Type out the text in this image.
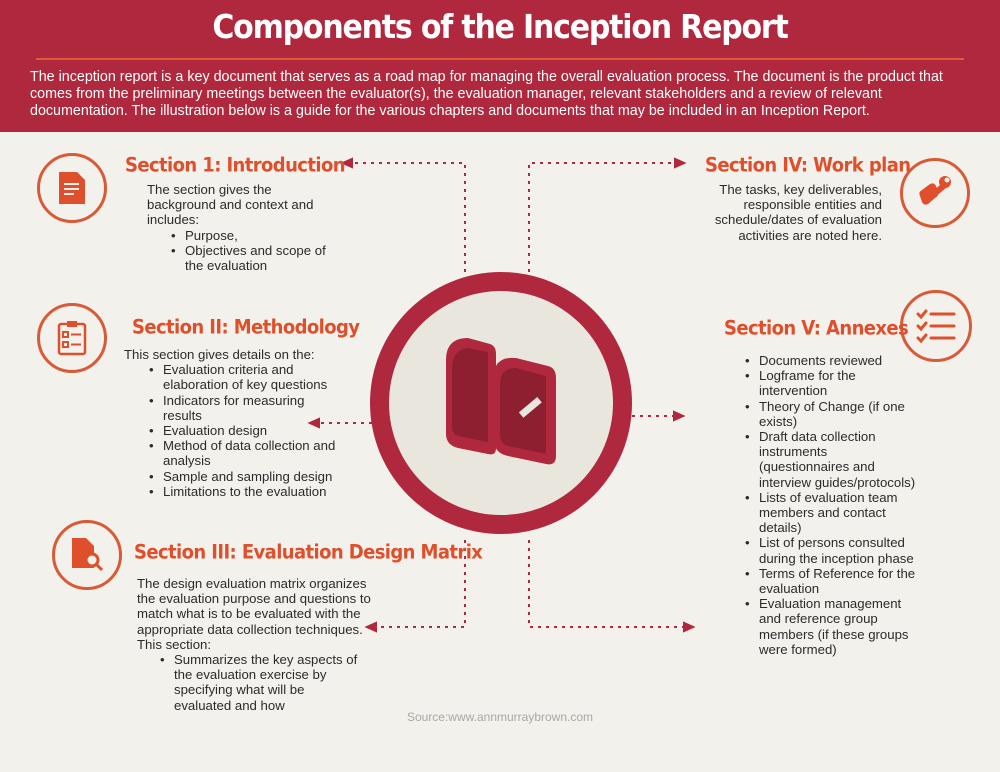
Components of the Inception Report
The inception report is a key document that serves as a road map for managing the overall evaluation process. The document is the product that comes from the preliminary meetings between the evaluator(s), the evaluation manager, relevant stakeholders and a review of relevant documentation. The illustration below is a guide for the various chapters and documents that may be included in an Inception Report.
Section 1: Introduction
The section gives the background and context and includes:
• Purpose,
• Objectives and scope of the evaluation
Section II: Methodology
This section gives details on the:
• Evaluation criteria and elaboration of key questions
• Indicators for measuring results
• Evaluation design
• Method of data collection and analysis
• Sample and sampling design
• Limitations to the evaluation
Section III: Evaluation Design Matrix
The design evaluation matrix organizes the evaluation purpose and questions to match what is to be evaluated with the appropriate data collection techniques. This section:
• Summarizes the key aspects of the evaluation exercise by specifying what will be evaluated and how
Section IV: Work plan
The tasks, key deliverables, responsible entities and schedule/dates of evaluation activities are noted here.
Section V: Annexes
• Documents reviewed
• Logframe for the intervention
• Theory of Change (if one exists)
• Draft data collection instruments (questionnaires and interview guides/protocols)
• Lists of evaluation team members and contact details)
• List of persons consulted during the inception phase
• Terms of Reference for the evaluation
• Evaluation management and reference group members (if these groups were formed)
Source:www.annmurraybrown.com
